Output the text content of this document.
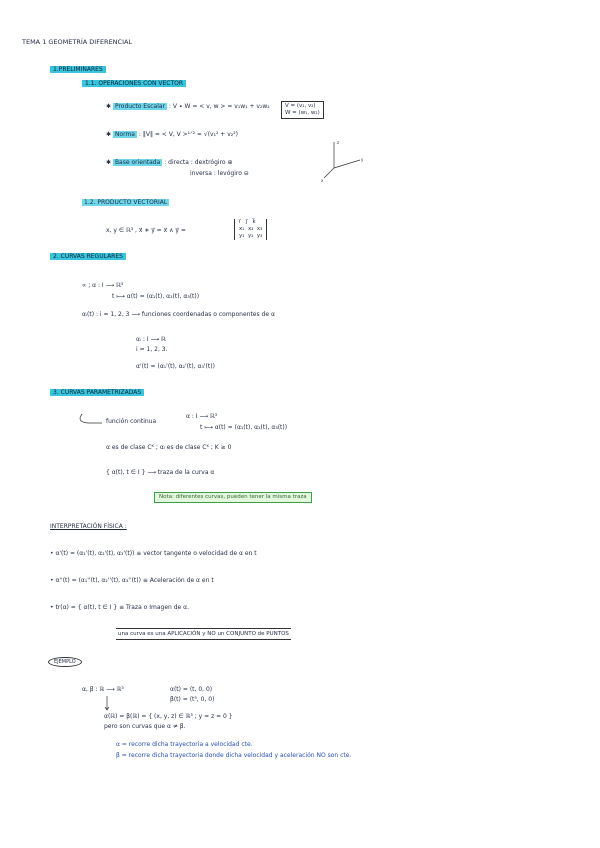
TEMA 1 GEOMETRÍA DIFERENCIAL
1.PRELIMINARES
1.1. OPERACIONES CON VECTOR
✱ Producto Escalar : V ∙ W = < v, w > = v₁w₁ + v₂w₂	V = (v₁, v₂)
W = (w₁, w₂)
✱ Norma : ‖V‖ = < V, V >¹ᐟ² = √(v₁² + v₂²)
✱ Base orientada : directa : dextrógiro ⊕
inversa : levógiro ⊖
z
y
x
1.2. PRODUCTO VECTORIAL
x, y ∈ ℝ³ , x⃗ ∗ y⃗ = x⃗ ∧ y⃗ =
i⃗   j⃗   k⃗
x₁  x₂  x₃
y₁  y₂  y₃
2. CURVAS REGULARES
∝ ; α : I ⟶ ℝ³
t ⟼ α(t) = (α₁(t), α₂(t), α₃(t))
αᵢ(t) : i = 1, 2, 3 ⟶ funciones coordenadas o componentes de α
αᵢ : I ⟶ ℝ
i = 1, 2, 3.
α'(t) = (α₁'(t), α₂'(t), α₃'(t))
3. CURVAS PARAMETRIZADAS
función continua
α : I ⟶ ℝ³
t ⟼ α(t) = (α₁(t), α₂(t), α₃(t))
α es de clase Cᴷ ; αᵢ es de clase Cᴷ ; K ≥ 0
{ α(t), t ∈ I } ⟶ traza de la curva α
Nota: diferentes curvas, pueden tener la misma traza
INTERPRETACIÓN FÍSICA :
• α'(t) = (α₁'(t), α₂'(t), α₃'(t)) ≡ vector tangente o velocidad de α en t
• α''(t) = (α₁''(t), α₂''(t), α₃''(t)) ≡ Aceleración de α en t
• tr(α) = { α(t), t ∈ I } ≡ Traza o Imagen de α.
una curva es una APLICACIÓN y NO un CONJUNTO de PUNTOS
EJEMPLO
α, β : ℝ ⟶ ℝ³	α(t) = (t, 0, 0)
β(t) = (t³, 0, 0)
α(ℝ) = β(ℝ) = { (x, y, z) ∈ ℝ³ ; y = z = 0 }
pero son curvas que α ≠ β.
α = recorre dicha trayectoria a velocidad cte.
β = recorre dicha trayectoria donde dicha velocidad y aceleración NO son cte.
